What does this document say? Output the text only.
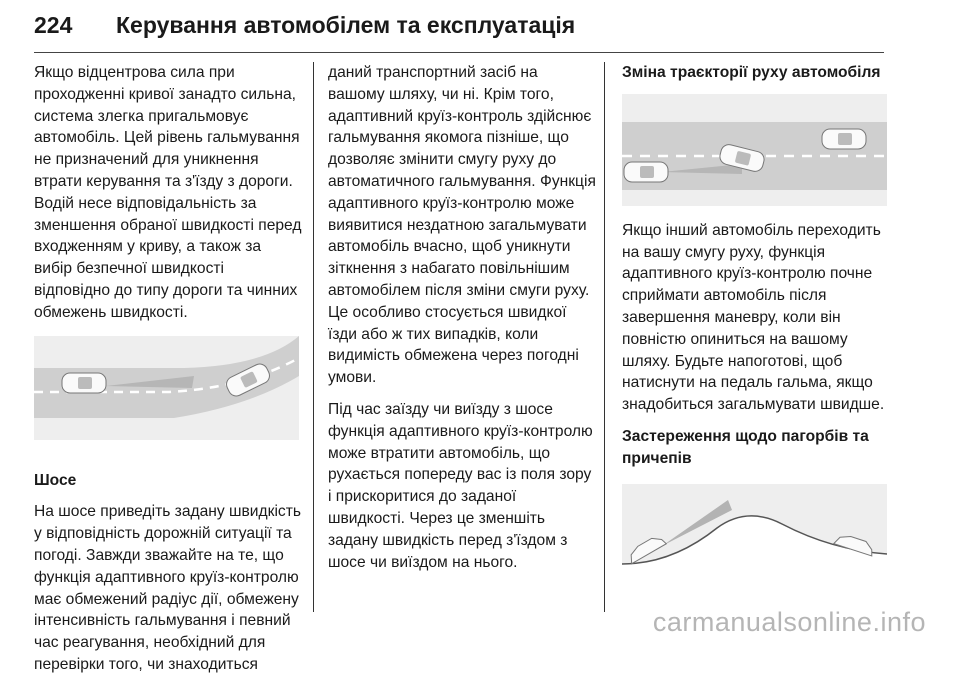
224 Керування автомобілем та експлуатація

Якщо відцентрова сила при проходженні кривої занадто сильна, система злегка пригальмовує автомобіль. Цей рівень гальмування не призначений для уникнення втрати керування та з'їзду з дороги. Водій несе відповідальність за зменшення обраної швидкості перед входженням у криву, а також за вибір безпечної швидкості відповідно до типу дороги та чинних обмежень швидкості.

Шосе

На шосе приведіть задану швидкість у відповідність дорожній ситуації та погоді. Завжди зважайте на те, що функція адаптивного круїз-контролю має обмежений радіус дії, обмежену інтенсивність гальмування і певний час реагування, необхідний для перевірки того, чи знаходиться

даний транспортний засіб на вашому шляху, чи ні. Крім того, адаптивний круїз-контроль здійснює гальмування якомога пізніше, що дозволяє змінити смугу руху до автоматичного гальмування. Функція адаптивного круїз-контролю може виявитися нездатною загальмувати автомобіль вчасно, щоб уникнути зіткнення з набагато повільнішим автомобілем після зміни смуги руху. Це особливо стосується швидкої їзди або ж тих випадків, коли видимість обмежена через погодні умови.

Під час заїзду чи виїзду з шосе функція адаптивного круїз-контролю може втратити автомобіль, що рухається попереду вас із поля зору і прискоритися до заданої швидкості. Через це зменшіть задану швидкість перед з'їздом з шосе чи виїздом на нього.

Зміна траєкторії руху автомобіля

Якщо інший автомобіль переходить на вашу смугу руху, функція адаптивного круїз-контролю почне сприймати автомобіль після завершення маневру, коли він повністю опиниться на вашому шляху. Будьте напоготові, щоб натиснути на педаль гальма, якщо знадобиться загальмувати швидше.

Застереження щодо пагорбів та причепів

carmanualsonline.info
